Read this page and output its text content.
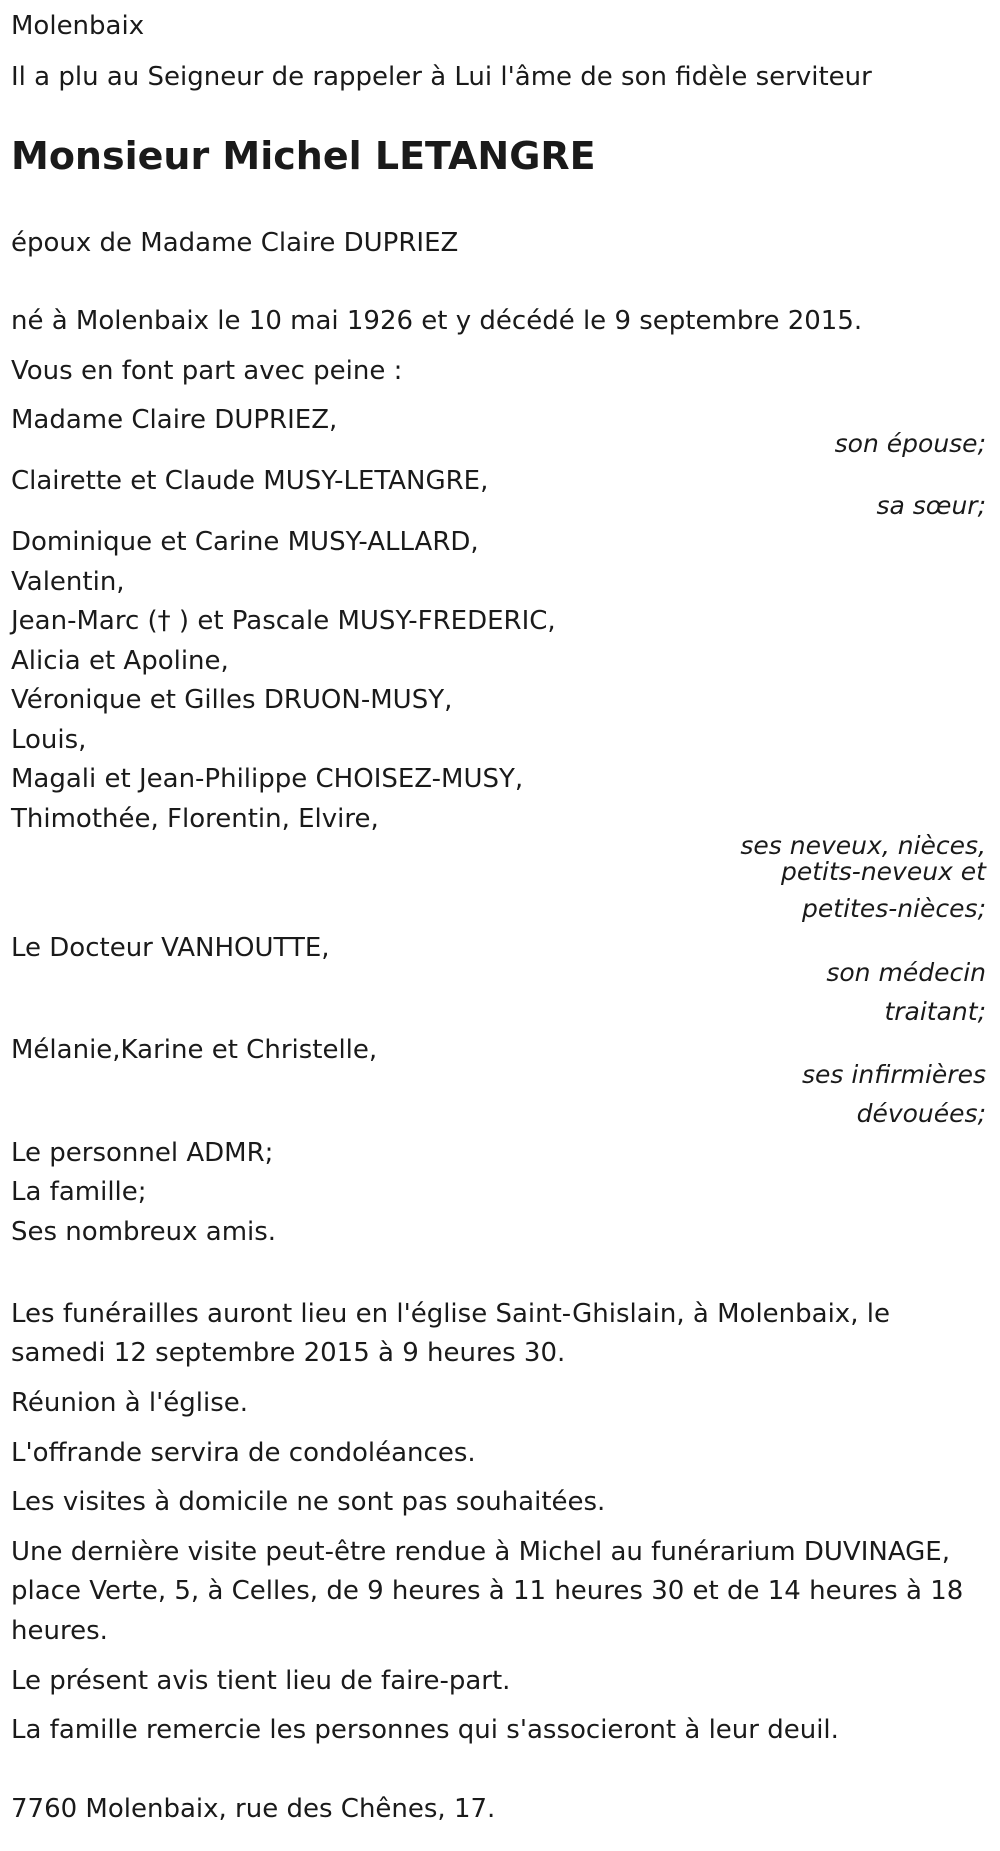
Molenbaix
Il a plu au Seigneur de rappeler à Lui l'âme de son fidèle serviteur
Monsieur Michel LETANGRE
époux de Madame Claire DUPRIEZ
né à Molenbaix le 10 mai 1926 et y décédé le 9 septembre 2015.
Vous en font part avec peine :
Madame Claire DUPRIEZ,
son épouse;
Clairette et Claude MUSY-LETANGRE,
sa sœur;
Dominique et Carine MUSY-ALLARD,
Valentin,
Jean-Marc († ) et Pascale MUSY-FREDERIC,
Alicia et Apoline,
Véronique et Gilles DRUON-MUSY,
Louis,
Magali et Jean-Philippe CHOISEZ-MUSY,
Thimothée, Florentin, Elvire,
ses neveux, nièces,
petits-neveux et
petites-nièces;
Le Docteur VANHOUTTE,
son médecin
traitant;
Mélanie,Karine et Christelle,
ses infirmières
dévouées;
Le personnel ADMR;
La famille;
Ses nombreux amis.
Les funérailles auront lieu en l'église Saint-Ghislain, à Molenbaix, le
samedi 12 septembre 2015 à 9 heures 30.
Réunion à l'église.
L'offrande servira de condoléances.
Les visites à domicile ne sont pas souhaitées.
Une dernière visite peut-être rendue à Michel au funérarium DUVINAGE,
place Verte, 5, à Celles, de 9 heures à 11 heures 30 et de 14 heures à 18
heures.
Le présent avis tient lieu de faire-part.
La famille remercie les personnes qui s'associeront à leur deuil.
7760 Molenbaix, rue des Chênes, 17.
